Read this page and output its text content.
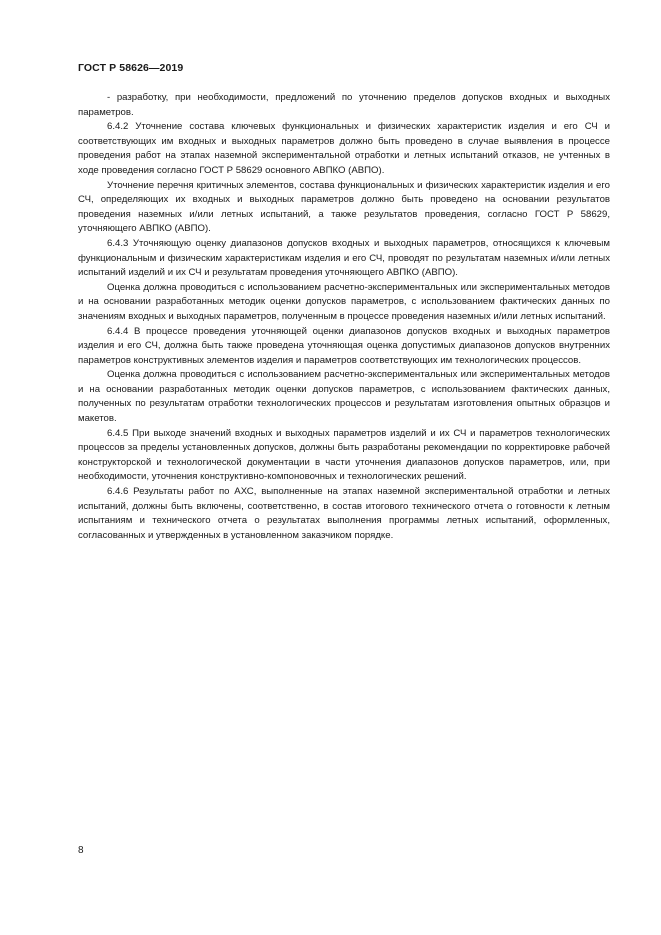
ГОСТ Р 58626—2019

- разработку, при необходимости, предложений по уточнению пределов допусков входных и выходных параметров.

6.4.2 Уточнение состава ключевых функциональных и физических характеристик изделия и его СЧ и соответствующих им входных и выходных параметров должно быть проведено в случае выявления в процессе проведения работ на этапах наземной экспериментальной отработки и летных испытаний отказов, не учтенных в ходе проведения согласно ГОСТ Р 58629 основного АВПКО (АВПО).

Уточнение перечня критичных элементов, состава функциональных и физических характеристик изделия и его СЧ, определяющих их входных и выходных параметров должно быть проведено на основании результатов проведения наземных и/или летных испытаний, а также результатов проведения, согласно ГОСТ Р 58629, уточняющего АВПКО (АВПО).

6.4.3 Уточняющую оценку диапазонов допусков входных и выходных параметров, относящихся к ключевым функциональным и физическим характеристикам изделия и его СЧ, проводят по результатам наземных и/или летных испытаний изделий и их СЧ и результатам проведения уточняющего АВПКО (АВПО).

Оценка должна проводиться с использованием расчетно-экспериментальных или экспериментальных методов и на основании разработанных методик оценки допусков параметров, с использованием фактических данных по значениям входных и выходных параметров, полученным в процессе проведения наземных и/или летных испытаний.

6.4.4 В процессе проведения уточняющей оценки диапазонов допусков входных и выходных параметров изделия и его СЧ, должна быть также проведена уточняющая оценка допустимых диапазонов допусков внутренних параметров конструктивных элементов изделия и параметров соответствующих им технологических процессов.

Оценка должна проводиться с использованием расчетно-экспериментальных или экспериментальных методов и на основании разработанных методик оценки допусков параметров, с использованием фактических данных, полученных по результатам отработки технологических процессов и результатам изготовления опытных образцов и макетов.

6.4.5 При выходе значений входных и выходных параметров изделий и их СЧ и параметров технологических процессов за пределы установленных допусков, должны быть разработаны рекомендации по корректировке рабочей конструкторской и технологической документации в части уточнения диапазонов допусков параметров, или, при необходимости, уточнения конструктивно-компоновочных и технологических решений.

6.4.6 Результаты работ по АХС, выполненные на этапах наземной экспериментальной отработки и летных испытаний, должны быть включены, соответственно, в состав итогового технического отчета о готовности к летным испытаниям и технического отчета о результатах выполнения программы летных испытаний, оформленных, согласованных и утвержденных в установленном заказчиком порядке.

8
